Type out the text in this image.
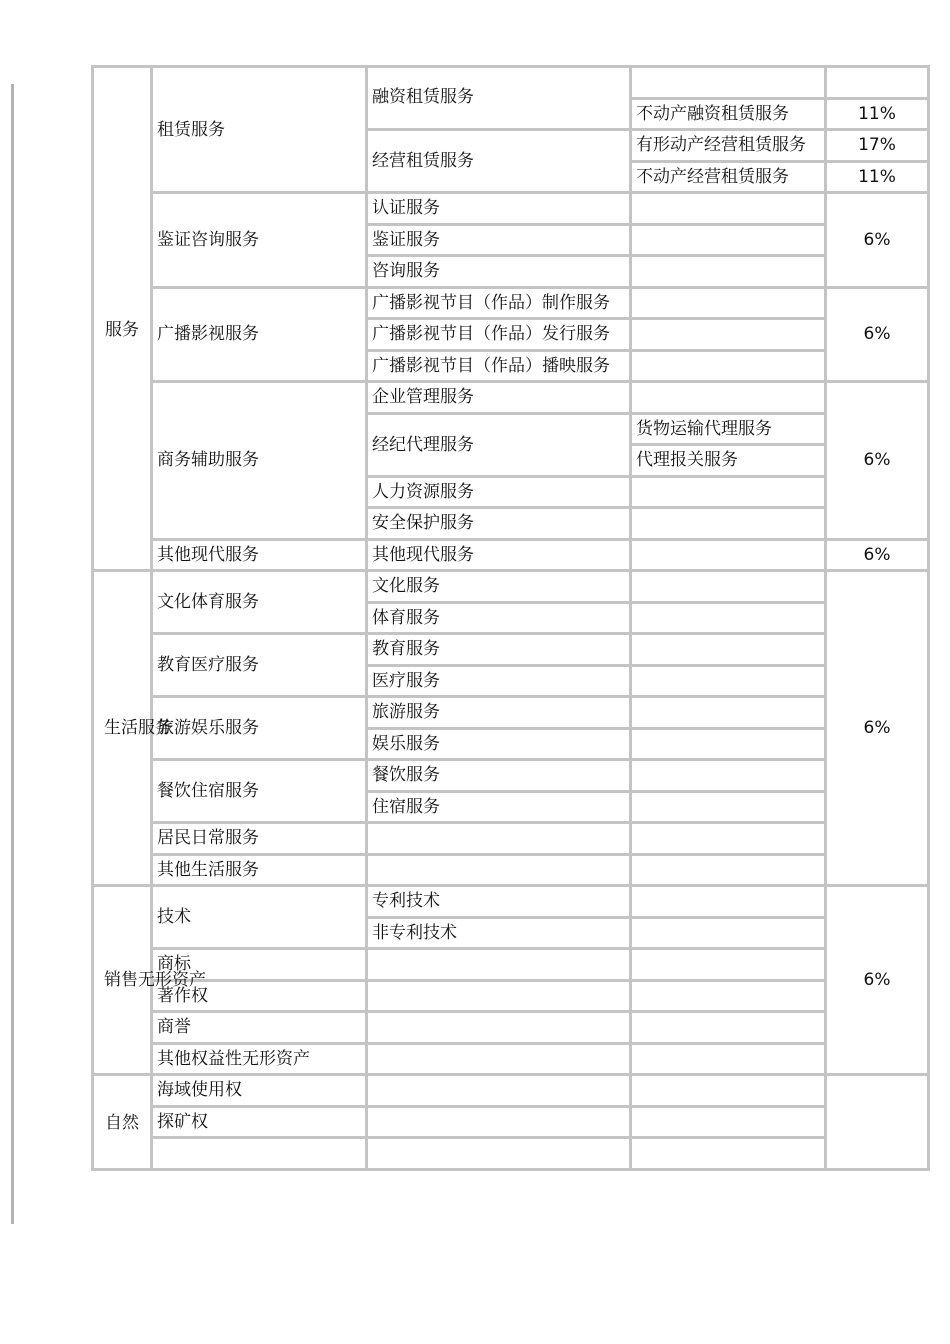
服务	租赁服务	融资租赁服务		

			不动产融资租赁服务	11%
		经营租赁服务	有形动产经营租赁服务	17%
			不动产经营租赁服务	11%
	鉴证咨询服务	认证服务		6%
		鉴证服务		
		咨询服务		
	广播影视服务	广播影视节目（作品）制作服务		6%
		广播影视节目（作品）发行服务		
		广播影视节目（作品）播映服务		
	商务辅助服务	企业管理服务		6%
		经纪代理服务	货物运输代理服务	
			代理报关服务	
		人力资源服务		
		安全保护服务		
	其他现代服务	其他现代服务		6%
生活服务	文化体育服务	文化服务		6%
		体育服务		
	教育医疗服务	教育服务		
		医疗服务		
	旅游娱乐服务	旅游服务		
		娱乐服务		
	餐饮住宿服务	餐饮服务		
		住宿服务		
	居民日常服务			
	其他生活服务			
销售无形资产	技术	专利技术		6%
		非专利技术		
	商标			
	著作权			
	商誉			
	其他权益性无形资产			
自然	海域使用权			
	探矿权			
